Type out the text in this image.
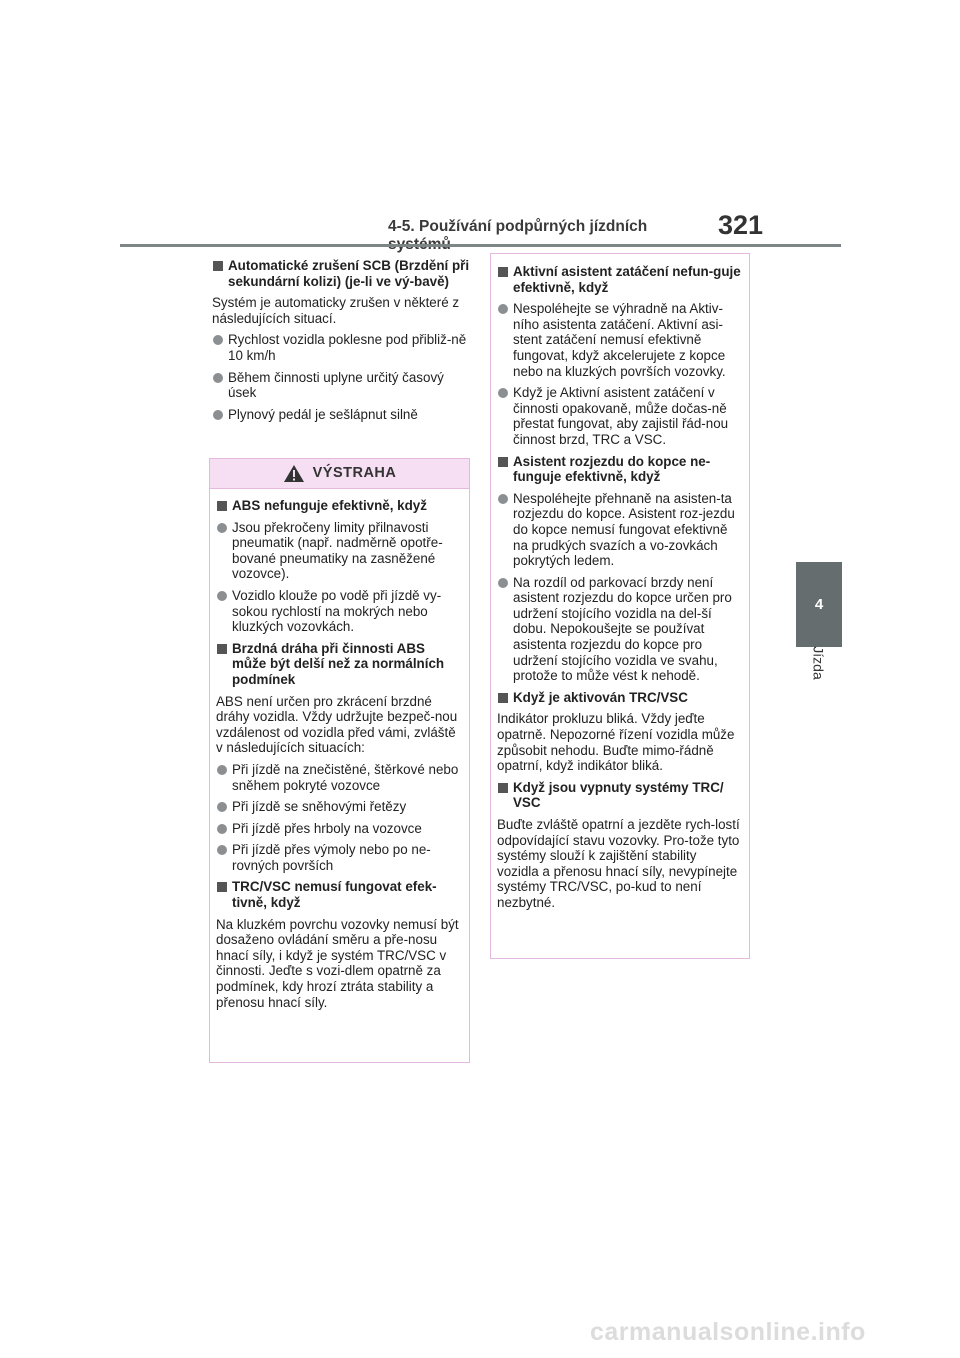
4-5. Používání podpůrných jízdních	321
4
Jízda
Automatické zrušení SCB (Brzdění při sekundární kolizi) (je-li ve vý-bavě)
Systém je automaticky zrušen v některé z následujících situací.
Rychlost vozidla poklesne pod přibliž-ně 10 km/h
Během činnosti uplyne určitý časový úsek
Plynový pedál je sešlápnut silně
VÝSTRAHA
ABS nefunguje efektivně, když
Jsou překročeny limity přilnavosti pneumatik (např. nadměrně opotře-bované pneumatiky na zasněžené vozovce).
Vozidlo klouže po vodě při jízdě vy-sokou rychlostí na mokrých nebo kluzkých vozovkách.
Brzdná dráha při činnosti ABS může být delší než za normálních podmínek
ABS není určen pro zkrácení brzdné dráhy vozidla. Vždy udržujte bezpeč-nou vzdálenost od vozidla před vámi, zvláště v následujících situacích:
Při jízdě na znečistěné, štěrkové nebo sněhem pokryté vozovce
Při jízdě se sněhovými řetězy
Při jízdě přes hrboly na vozovce
Při jízdě přes výmoly nebo po ne-rovných površích
TRC/VSC nemusí fungovat efek-tivně, když
Na kluzkém povrchu vozovky nemusí být dosaženo ovládání směru a pře-nosu hnací síly, i když je systém TRC/VSC v činnosti. Jeďte s vozi-dlem opatrně za podmínek, kdy hrozí ztráta stability a přenosu hnací síly.
Aktivní asistent zatáčení nefun-guje efektivně, když
Nespoléhejte se výhradně na Aktiv-ního asistenta zatáčení. Aktivní asi-stent zatáčení nemusí efektivně fungovat, když akcelerujete z kopce nebo na kluzkých površích vozovky.
Když je Aktivní asistent zatáčení v činnosti opakovaně, může dočas-ně přestat fungovat, aby zajistil řád-nou činnost brzd, TRC a VSC.
Asistent rozjezdu do kopce ne-funguje efektivně, když
Nespoléhejte přehnaně na asisten-ta rozjezdu do kopce. Asistent roz-jezdu do kopce nemusí fungovat efektivně na prudkých svazích a vo-zovkách pokrytých ledem.
Na rozdíl od parkovací brzdy není asistent rozjezdu do kopce určen pro udržení stojícího vozidla na del-ší dobu. Nepokoušejte se používat asistenta rozjezdu do kopce pro udržení stojícího vozidla ve svahu, protože to může vést k nehodě.
Když je aktivován TRC/VSC
Indikátor prokluzu bliká. Vždy jeďte opatrně. Nepozorné řízení vozidla může způsobit nehodu. Buďte mimo-řádně opatrní, když indikátor bliká.
Když jsou vypnuty systémy TRC/ VSC
Buďte zvláště opatrní a jezděte rych-lostí odpovídající stavu vozovky. Pro-tože tyto systémy slouží k zajištění stability vozidla a přenosu hnací síly, nevypínejte systémy TRC/VSC, po-kud to není nezbytné.
carmanualsonline.info
